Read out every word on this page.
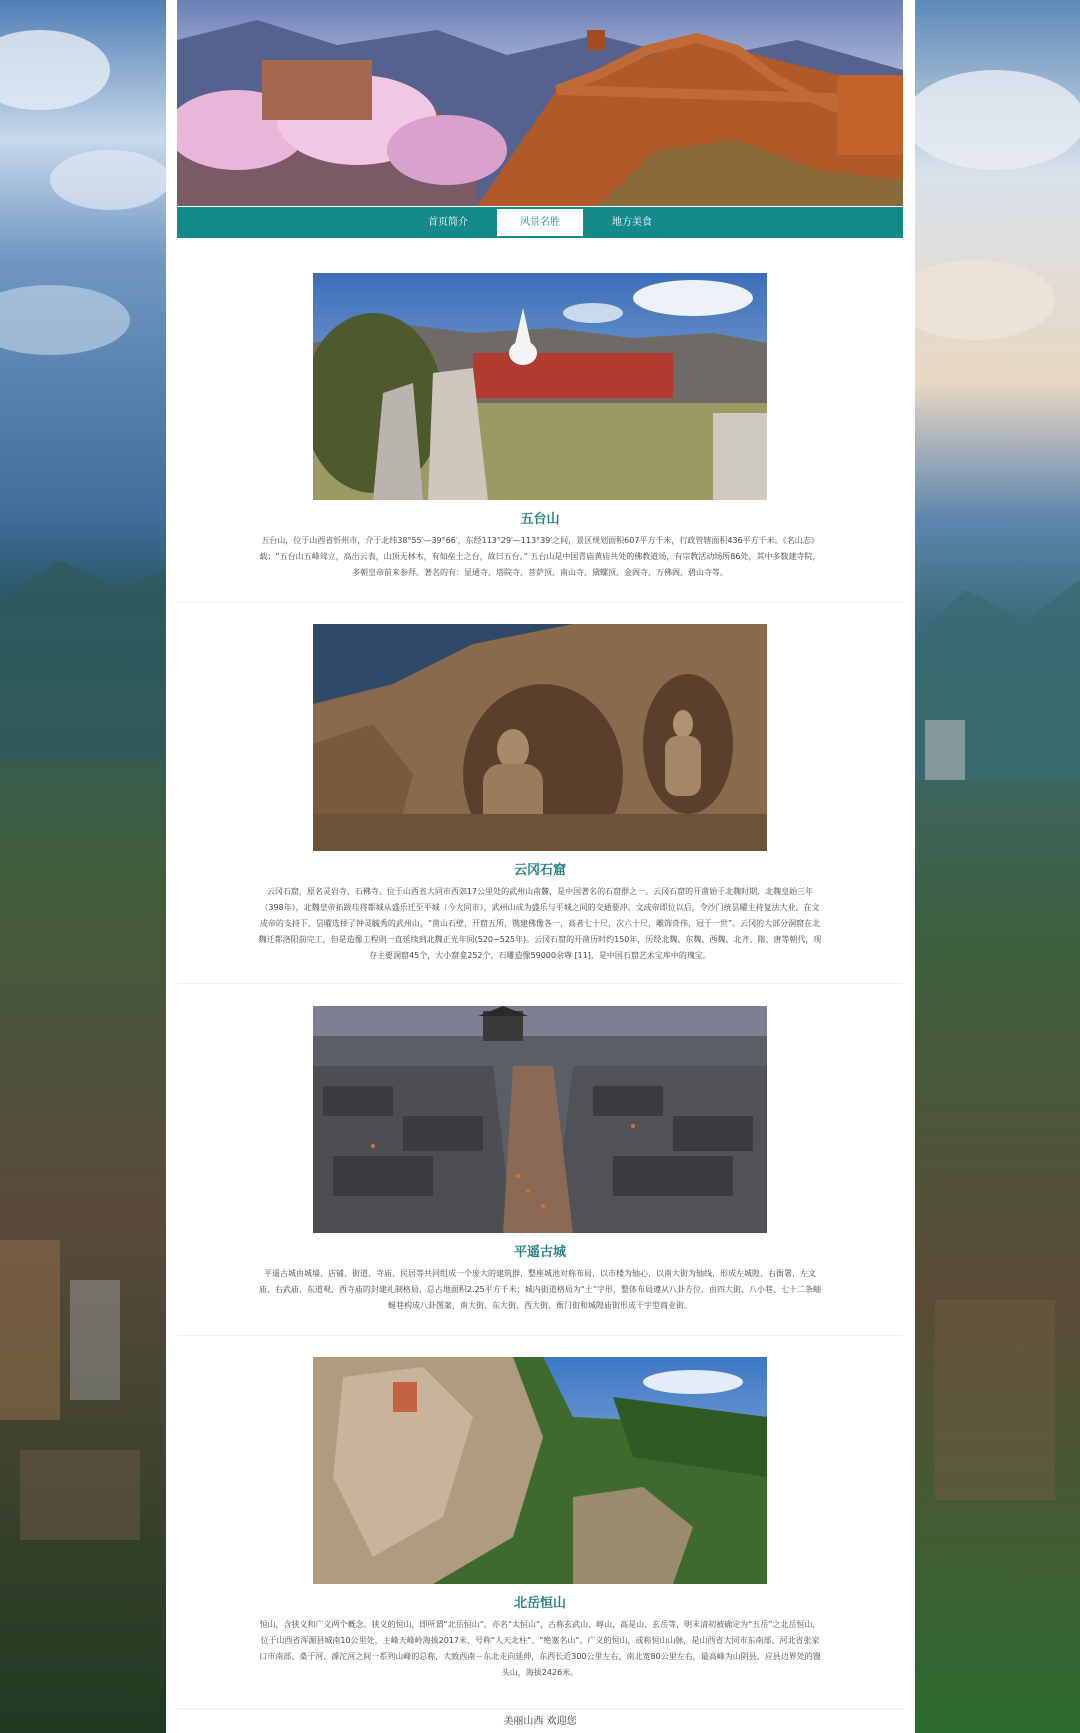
首页简介	风景名胜	地方美食
五台山

五台山，位于山西省忻州市，介于北纬38°55′—39°66′，东经113°29′—113°39′之间，景区规划面积607平方千米，行政管辖面积436平方千米。《名山志》载：“五台山五峰耸立，高出云表，山顶无林木，有如垒土之台，故曰五台。” 五台山是中国青庙黄庙共处的佛教道场，有宗教活动场所86处，其中多数建寺院，多朝皇帝前来参拜。著名的有：显通寺、塔院寺、菩萨顶、南山寺、黛螺顶、金阁寺、万佛阁、碧山寺等。

云冈石窟

云冈石窟，原名灵岩寺、石佛寺。位于山西省大同市西郊17公里处的武州山南麓，是中国著名的石窟群之一。云冈石窟的开凿始于北魏时期，北魏皇始三年（398年），北魏皇帝拓跋珪将都城从盛乐迁至平城（今大同市），武州山成为盛乐与平城之间的交通要冲。文成帝即位以后，令沙门统昙曜主持复法大业。在文成帝的支持下，昙曜选择了钟灵毓秀的武州山，“凿山石壁，开窟五所，镌建佛像各一，高者七十尺，次六十尺，雕饰奇伟，冠于一世”。云冈的大部分洞窟在北魏迁都洛阳前完工，但是造像工程则一直延续到北魏正光年间(520~525年)。云冈石窟的开凿历时约150年，历经北魏、东魏、西魏、北齐、隋、唐等朝代，现存主要洞窟45个，大小窟龛252个，石雕造像59000余尊 [11]，是中国石窟艺术宝库中的瑰宝。

平遥古城

平遥古城由城墙、店铺、街道、寺庙、民居等共同组成一个庞大的建筑群，整座城池对称布局，以市楼为轴心，以南大街为轴线，形成左城隍、右衙署，左文庙、右武庙，东道观、西寺庙的封建礼制格局，总占地面积2.25平方千米；城内街道格局为“土”字形，整体布局遵从八卦方位，由四大街、八小巷、七十二条蚰蜒巷构成八卦图案，南大街、东大街、西大街、衙门街和城隍庙街形成干字型商业街。

北岳恒山

恒山，含狭义和广义两个概念。狭义的恒山，即所谓“北岳恒山”，亦名“太恒山”，古称玄武山、崞山，高是山、玄岳等，明末清初被确定为“五岳”之北岳恒山，位于山西省浑源县城南10公里处，主峰天峰岭海拔2017米，号称“人天北柱”、“绝塞名山”。广义的恒山，或称恒山山脉，是山西省大同市东南部、河北省张家口市南部、桑干河、滹沱河之间一系列山峰的总称，大致西南－东北走向延伸，东西长近300公里左右，南北宽80公里左右，最高峰为山阴县、应县边界处的馒头山，海拔2426米。

美丽山西 欢迎您
